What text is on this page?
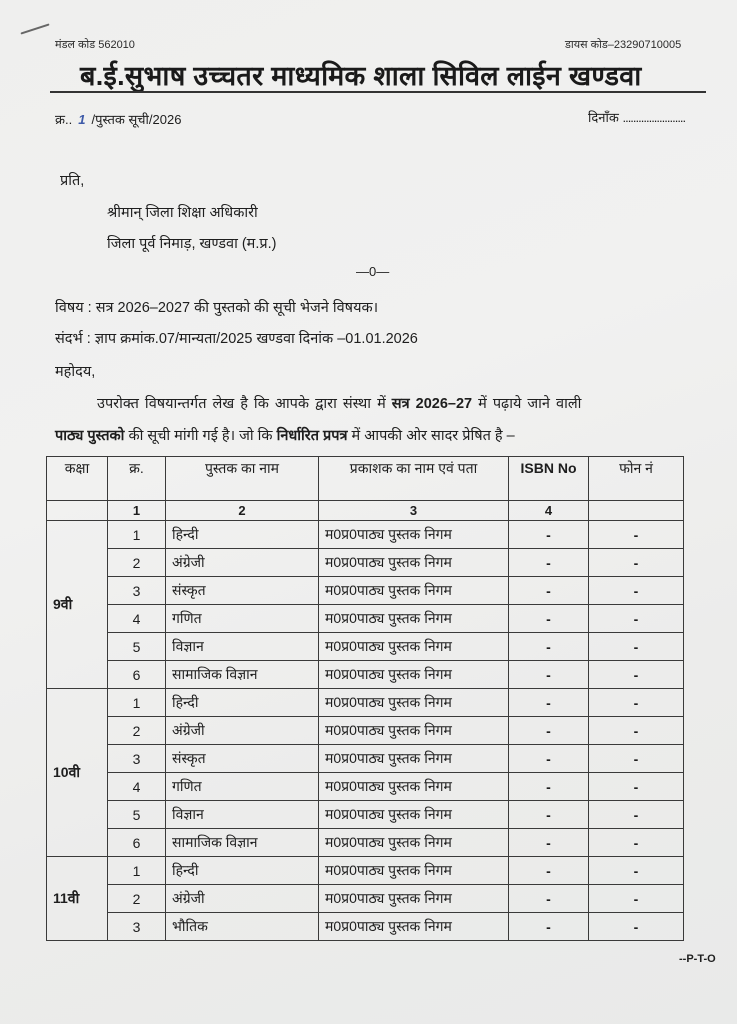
मंडल कोड 562010	डायस कोड–23290710005
ब.ई.सुभाष उच्चतर माध्यमिक शाला सिविल लाईन खण्डवा
क्र.. 1 /पुस्तक सूची/2026	दिनाँक ........................
प्रति,
श्रीमान् जिला शिक्षा अधिकारी
जिला पूर्व निमाड़, खण्डवा (म.प्र.)
—0—
विषय : सत्र 2026–2027 की पुस्तको की सूची भेजने विषयक।
संदर्भ : ज्ञाप क्रमांक.07/मान्यता/2025 खण्डवा दिनांक –01.01.2026
महोदय,
उपरोक्त विषयान्तर्गत लेख है कि आपके द्वारा संस्था में सत्र 2026–27 में पढ़ाये जाने वाली
पाठ्य पुस्तको की सूची मांगी गई है। जो कि निर्धारित प्रपत्र में आपकी ओर सादर प्रेषित है –
कक्षा	क्र.	पुस्तक का नाम	प्रकाशक का नाम एवं पता	ISBN No	फोन नं
	1	2	3	4	
9वी	1	हिन्दी	म0प्र0पाठ्य पुस्तक निगम	-	-
	2	अंग्रेजी	म0प्र0पाठ्य पुस्तक निगम	-	-
	3	संस्कृत	म0प्र0पाठ्य पुस्तक निगम	-	-
	4	गणित	म0प्र0पाठ्य पुस्तक निगम	-	-
	5	विज्ञान	म0प्र0पाठ्य पुस्तक निगम	-	-
	6	सामाजिक विज्ञान	म0प्र0पाठ्य पुस्तक निगम	-	-
10वी	1	हिन्दी	म0प्र0पाठ्य पुस्तक निगम	-	-
	2	अंग्रेजी	म0प्र0पाठ्य पुस्तक निगम	-	-
	3	संस्कृत	म0प्र0पाठ्य पुस्तक निगम	-	-
	4	गणित	म0प्र0पाठ्य पुस्तक निगम	-	-
	5	विज्ञान	म0प्र0पाठ्य पुस्तक निगम	-	-
	6	सामाजिक विज्ञान	म0प्र0पाठ्य पुस्तक निगम	-	-
11वी	1	हिन्दी	म0प्र0पाठ्य पुस्तक निगम	-	-
	2	अंग्रेजी	म0प्र0पाठ्य पुस्तक निगम	-	-
	3	भौतिक	म0प्र0पाठ्य पुस्तक निगम	-	-
--P-T-O
